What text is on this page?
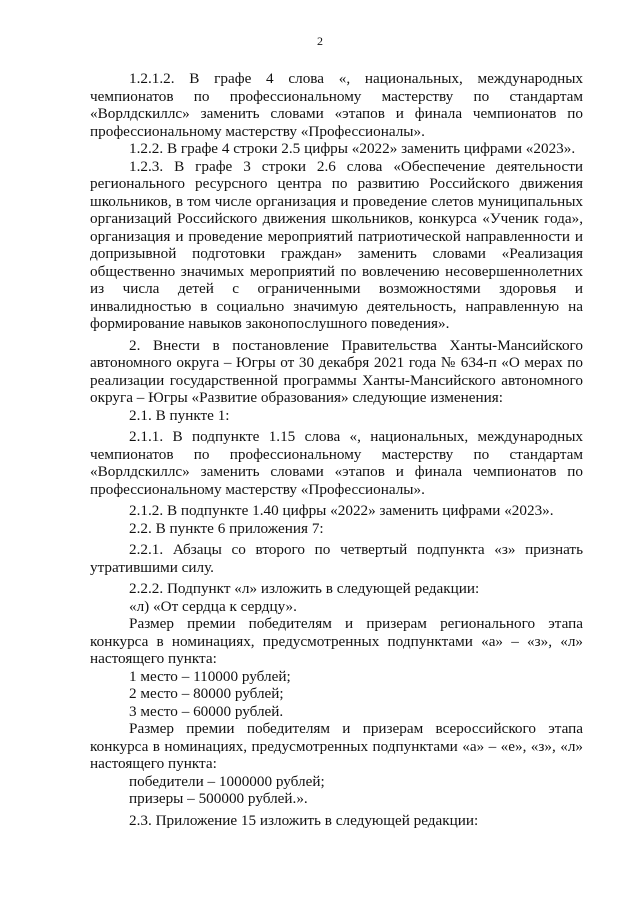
2

1.2.1.2. В графе 4 слова «, национальных, международных чемпионатов по профессиональному мастерству по стандартам «Ворлдскиллс» заменить словами «этапов и финала чемпионатов по профессиональному мастерству «Профессионалы».

1.2.2. В графе 4 строки 2.5 цифры «2022» заменить цифрами «2023».

1.2.3. В графе 3 строки 2.6 слова «Обеспечение деятельности регионального ресурсного центра по развитию Российского движения школьников, в том числе организация и проведение слетов муниципальных организаций Российского движения школьников, конкурса «Ученик года», организация и проведение мероприятий патриотической направленности и допризывной подготовки граждан» заменить словами «Реализация общественно значимых мероприятий по вовлечению несовершеннолетних из числа детей с ограниченными возможностями здоровья и инвалидностью в социально значимую деятельность, направленную на формирование навыков законопослушного поведения».

2. Внести в постановление Правительства Ханты-Мансийского автономного округа – Югры от 30 декабря 2021 года № 634-п «О мерах по реализации государственной программы Ханты-Мансийского автономного округа – Югры «Развитие образования» следующие изменения:

2.1. В пункте 1:

2.1.1. В подпункте 1.15 слова «, национальных, международных чемпионатов по профессиональному мастерству по стандартам «Ворлдскиллс» заменить словами «этапов и финала чемпионатов по профессиональному мастерству «Профессионалы».

2.1.2. В подпункте 1.40 цифры «2022» заменить цифрами «2023».

2.2. В пункте 6 приложения 7:

2.2.1. Абзацы со второго по четвертый подпункта «з» признать утратившими силу.

2.2.2. Подпункт «л» изложить в следующей редакции:

«л) «От сердца к сердцу».

Размер премии победителям и призерам регионального этапа конкурса в номинациях, предусмотренных подпунктами «а» – «з», «л» настоящего пункта:

1 место – 110000 рублей;

2 место – 80000 рублей;

3 место – 60000 рублей.

Размер премии победителям и призерам всероссийского этапа конкурса в номинациях, предусмотренных подпунктами «а» – «е», «з», «л» настоящего пункта:

победители – 1000000 рублей;

призеры – 500000 рублей.».

2.3. Приложение 15 изложить в следующей редакции:
